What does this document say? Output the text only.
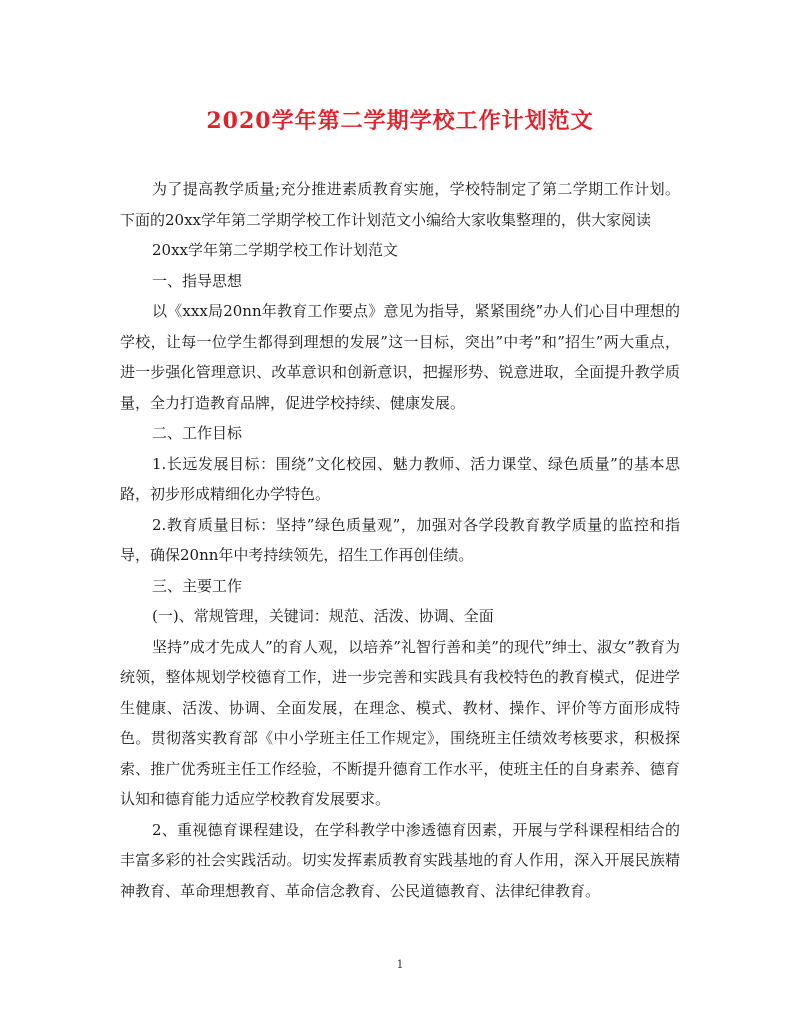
2020学年第二学期学校工作计划范文

为了提高教学质量;充分推进素质教育实施，学校特制定了第二学期工作计划。下面的20xx学年第二学期学校工作计划范文小编给大家收集整理的，供大家阅读

20xx学年第二学期学校工作计划范文

一、指导思想

以《xxx局20nn年教育工作要点》意见为指导，紧紧围绕”办人们心目中理想的学校，让每一位学生都得到理想的发展”这一目标，突出”中考”和”招生”两大重点，进一步强化管理意识、改革意识和创新意识，把握形势、锐意进取，全面提升教学质量，全力打造教育品牌，促进学校持续、健康发展。

二、工作目标

1.长远发展目标：围绕”文化校园、魅力教师、活力课堂、绿色质量”的基本思路，初步形成精细化办学特色。

2.教育质量目标：坚持”绿色质量观”，加强对各学段教育教学质量的监控和指导，确保20nn年中考持续领先，招生工作再创佳绩。

三、主要工作

(一)、常规管理，关键词：规范、活泼、协调、全面

坚持”成才先成人”的育人观，以培养”礼智行善和美”的现代”绅士、淑女”教育为统领，整体规划学校德育工作，进一步完善和实践具有我校特色的教育模式，促进学生健康、活泼、协调、全面发展，在理念、模式、教材、操作、评价等方面形成特色。贯彻落实教育部《中小学班主任工作规定》，围绕班主任绩效考核要求，积极探索、推广优秀班主任工作经验，不断提升德育工作水平，使班主任的自身素养、德育认知和德育能力适应学校教育发展要求。

2、重视德育课程建设，在学科教学中渗透德育因素，开展与学科课程相结合的丰富多彩的社会实践活动。切实发挥素质教育实践基地的育人作用，深入开展民族精神教育、革命理想教育、革命信念教育、公民道德教育、法律纪律教育。

1
